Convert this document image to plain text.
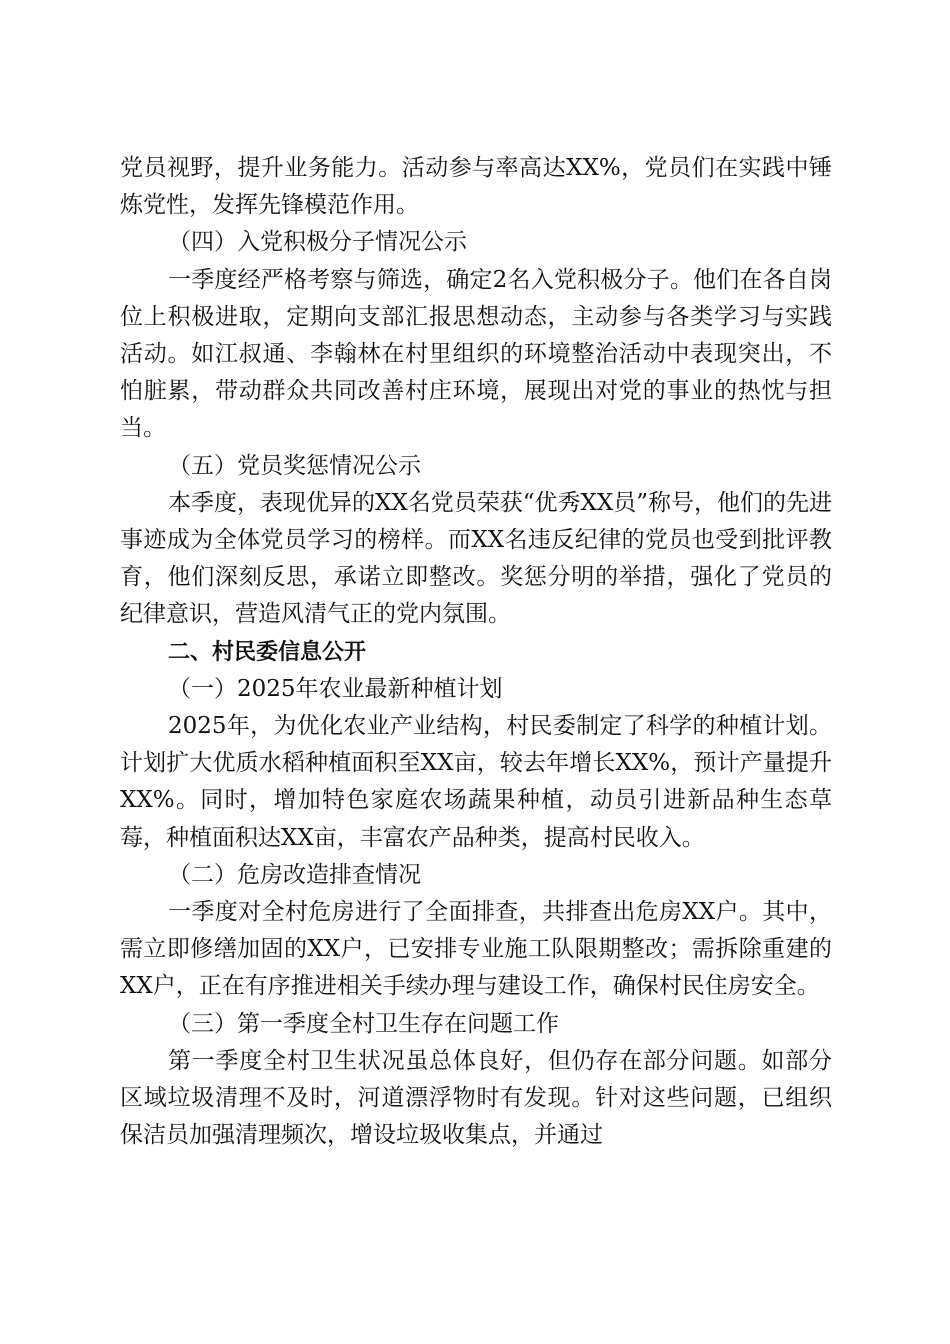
党员视野，提升业务能力。活动参与率高达XX%，党员们在实践中锤炼党性，发挥先锋模范作用。

（四）入党积极分子情况公示

一季度经严格考察与筛选，确定2名入党积极分子。他们在各自岗位上积极进取，定期向支部汇报思想动态，主动参与各类学习与实践活动。如江叔通、李翰林在村里组织的环境整治活动中表现突出，不怕脏累，带动群众共同改善村庄环境，展现出对党的事业的热忱与担当。

（五）党员奖惩情况公示

本季度，表现优异的XX名党员荣获“优秀XX员”称号，他们的先进事迹成为全体党员学习的榜样。而XX名违反纪律的党员也受到批评教育，他们深刻反思，承诺立即整改。奖惩分明的举措，强化了党员的纪律意识，营造风清气正的党内氛围。

二、村民委信息公开

（一）2025年农业最新种植计划

2025年，为优化农业产业结构，村民委制定了科学的种植计划。计划扩大优质水稻种植面积至XX亩，较去年增长XX%，预计产量提升XX%。同时，增加特色家庭农场蔬果种植，动员引进新品种生态草莓，种植面积达XX亩，丰富农产品种类，提高村民收入。

（二）危房改造排查情况

一季度对全村危房进行了全面排查，共排查出危房XX户。其中，需立即修缮加固的XX户，已安排专业施工队限期整改；需拆除重建的XX户，正在有序推进相关手续办理与建设工作，确保村民住房安全。

（三）第一季度全村卫生存在问题工作

第一季度全村卫生状况虽总体良好，但仍存在部分问题。如部分区域垃圾清理不及时，河道漂浮物时有发现。针对这些问题，已组织保洁员加强清理频次，增设垃圾收集点，并通过
